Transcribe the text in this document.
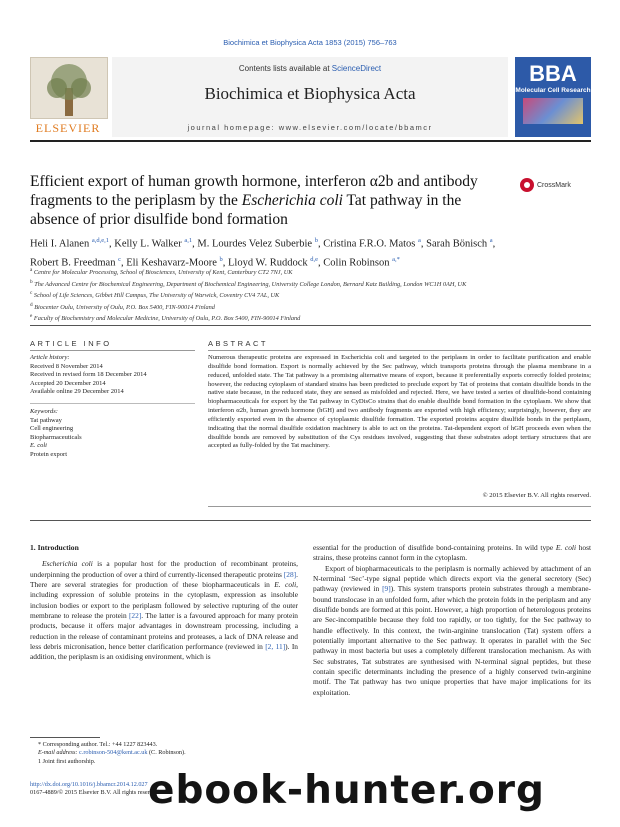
Biochimica et Biophysica Acta 1853 (2015) 756–763
ELSEVIER
Contents lists available at ScienceDirect
Biochimica et Biophysica Acta
journal homepage: www.elsevier.com/locate/bbamcr
BBA
Molecular Cell Research
Efficient export of human growth hormone, interferon α2b and antibody fragments to the periplasm by the Escherichia coli Tat pathway in the absence of prior disulfide bond formation
CrossMark
Heli I. Alanen $^{a,d,e,1}$, Kelly L. Walker $^{a,1}$, M. Lourdes Velez Suberbie $^b$, Cristina F.R.O. Matos $^a$, Sarah Bönisch $^a$,
Robert B. Freedman $^c$, Eli Keshavarz-Moore $^b$, Lloyd W. Ruddock $^{d,e}$, Colin Robinson $^{a,*}$
$^a$ Centre for Molecular Processing, School of Biosciences, University of Kent, Canterbury CT2 7NJ, UK
$^b$ The Advanced Centre for Biochemical Engineering, Department of Biochemical Engineering, University College London, Bernard Katz Building, London WC1H 0AH, UK
$^c$ School of Life Sciences, Gibbet Hill Campus, The University of Warwick, Coventry CV4 7AL, UK
$^d$ Biocenter Oulu, University of Oulu, P.O. Box 5400, FIN-90014 Finland
$^e$ Faculty of Biochemistry and Molecular Medicine, University of Oulu, P.O. Box 5400, FIN-90014 Finland
ARTICLE INFO	ABSTRACT
Article history:
Received 8 November 2014
Received in revised form 18 December 2014
Accepted 20 December 2014
Available online 29 December 2014
Keywords:
Tat pathway
Cell engineering
Biopharmaceuticals
E. coli
Protein export
Numerous therapeutic proteins are expressed in Escherichia coli and targeted to the periplasm in order to facilitate purification and enable disulfide bond formation. Export is normally achieved by the Sec pathway, which transports proteins through the plasma membrane in a reduced, unfolded state. The Tat pathway is a promising alternative means of export, because it preferentially exports correctly folded proteins; however, the reducing cytoplasm of standard strains has been predicted to preclude export by Tat of proteins that contain disulfide bonds in the native state because, in the reduced state, they are sensed as misfolded and rejected. Here, we have tested a series of disulfide-bond containing biopharmaceuticals for export by the Tat pathway in CyDisCo strains that do enable disulfide bond formation in the cytoplasm. We show that interferon α2b, human growth hormone (hGH) and two antibody fragments are exported with high efficiency; surprisingly, however, they are efficiently exported even in the absence of cytoplasmic disulfide formation. The exported proteins acquire disulfide bonds in the periplasm, indicating that the normal disulfide oxidation machinery is able to act on the proteins. Tat-dependent export of hGH proceeds even when the disulfide bonds are removed by substitution of the Cys residues involved, suggesting that these substrates adopt tertiary structures that are accepted as fully-folded by the Tat machinery.
© 2015 Elsevier B.V. All rights reserved.
1. Introduction

Escherichia coli is a popular host for the production of recombinant proteins, underpinning the production of over a third of currently-licensed therapeutic proteins [28]. There are several strategies for production of these biopharmaceuticals in E. coli, including expression of soluble proteins in the cytoplasm, expression as insoluble inclusion bodies or export to the periplasm followed by selective rupturing of the outer membrane to release the protein [22]. The latter is a favoured approach for many protein products, because it offers major advantages in downstream processing, including a reduction in the release of contaminant proteins and proteases, a lack of DNA release and less debris micronisation, hence better clarification performance (reviewed in [2, 11]). In addition, the periplasm is an oxidising environment, which is

essential for the production of disulfide bond-containing proteins. In wild type E. coli host strains, these proteins cannot form in the cytoplasm.

Export of biopharmaceuticals to the periplasm is normally achieved by attachment of an N-terminal ‘Sec’-type signal peptide which directs export via the general secretory (Sec) pathway (reviewed in [9]). This system transports protein substrates through a membrane-bound translocase in an unfolded form, after which the protein folds in the periplasm and any disulfide bonds are formed at this point. However, a high proportion of heterologous proteins are Sec-incompatible because they fold too rapidly, or too tightly, for the Sec pathway to handle effectively. In this context, the twin-arginine translocation (Tat) system offers a potentially important alternative to the Sec pathway. It operates in parallel with the Sec pathway in most bacteria but uses a completely different translocation mechanism. As with Sec substrates, Tat substrates are synthesised with N-terminal signal peptides, but these contain specific determinants including the presence of a highly conserved twin-arginine motif. The Tat pathway has two unique properties that have major implications for its exploitation.

* Corresponding author. Tel.: +44 1227 823443.
E-mail address: c.robinson-504@kent.ac.uk (C. Robinson).
1 Joint first authorship.
http://dx.doi.org/10.1016/j.bbamcr.2014.12.027
0167-4889/© 2015 Elsevier B.V. All rights reserved.
ebook-hunter.org
